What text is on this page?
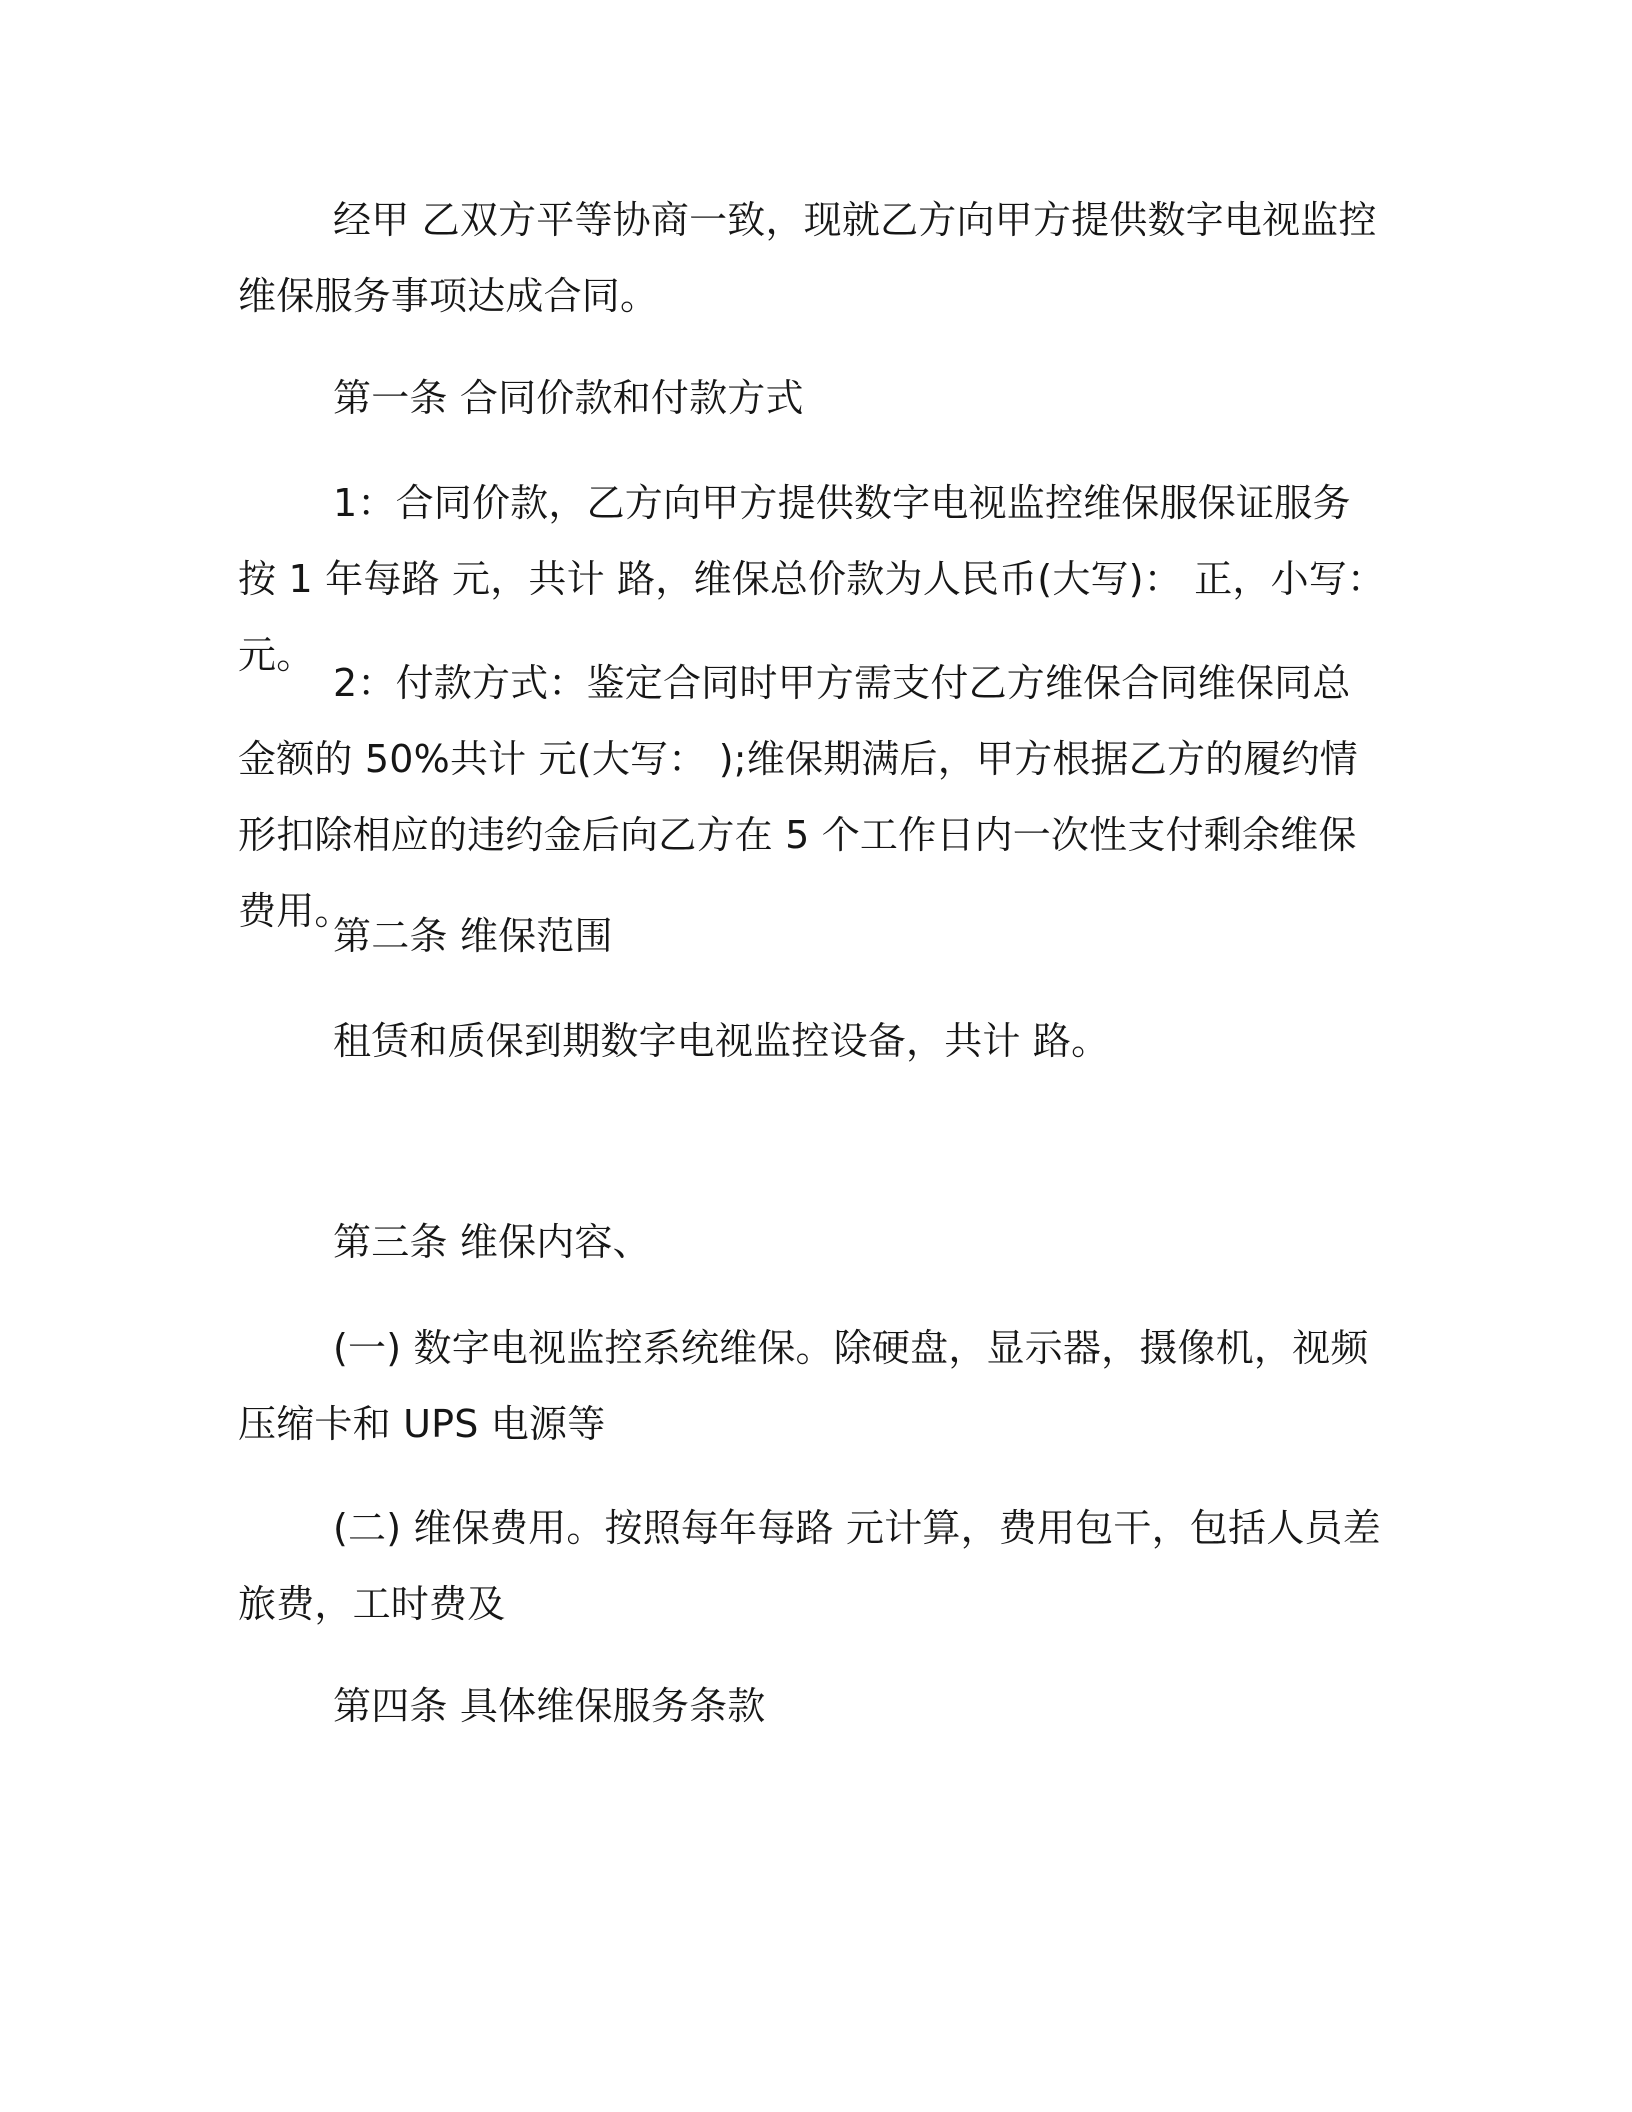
经甲 乙双方平等协商一致，现就乙方向甲方提供数字电视监控维保服务事项达成合同。

第一条 合同价款和付款方式

1：合同价款，乙方向甲方提供数字电视监控维保服保证服务按 1 年每路 元，共计 路，维保总价款为人民币(大写)： 正，小写： 元。

2：付款方式：鉴定合同时甲方需支付乙方维保合同维保同总金额的 50%共计 元(大写： );维保期满后，甲方根据乙方的履约情形扣除相应的违约金后向乙方在 5 个工作日内一次性支付剩余维保费用。

第二条 维保范围

租赁和质保到期数字电视监控设备，共计 路。

第三条 维保内容、

(一) 数字电视监控系统维保。除硬盘，显示器，摄像机，视频压缩卡和 UPS 电源等

(二) 维保费用。按照每年每路 元计算，费用包干，包括人员差旅费，工时费及

第四条 具体维保服务条款
